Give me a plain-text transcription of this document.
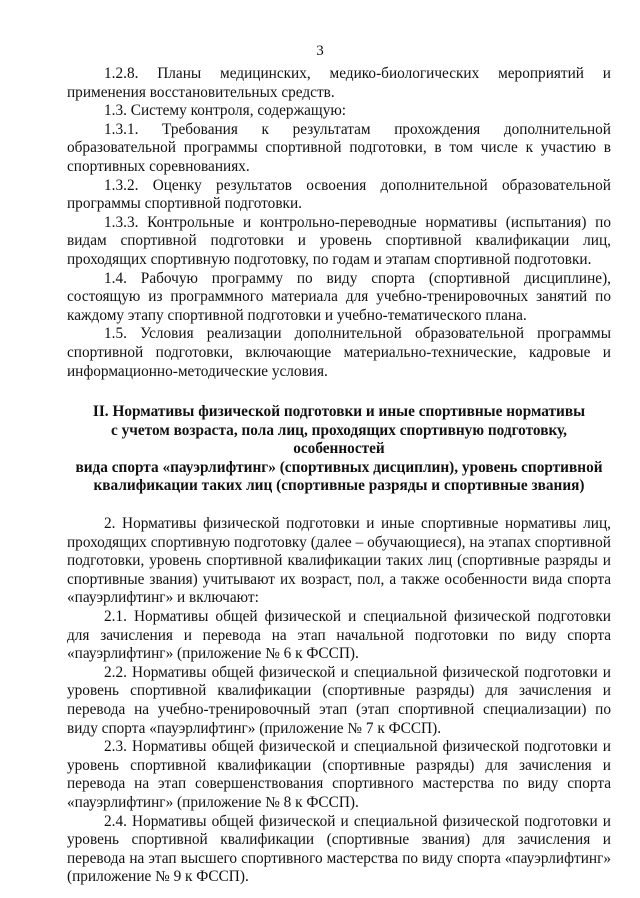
3

1.2.8. Планы медицинских, медико-биологических мероприятий и применения восстановительных средств.

1.3. Систему контроля, содержащую:

1.3.1. Требования к результатам прохождения дополнительной образовательной программы спортивной подготовки, в том числе к участию в спортивных соревнованиях.

1.3.2. Оценку результатов освоения дополнительной образовательной программы спортивной подготовки.

1.3.3. Контрольные и контрольно-переводные нормативы (испытания) по видам спортивной подготовки и уровень спортивной квалификации лиц, проходящих спортивную подготовку, по годам и этапам спортивной подготовки.

1.4. Рабочую программу по виду спорта (спортивной дисциплине), состоящую из программного материала для учебно-тренировочных занятий по каждому этапу спортивной подготовки и учебно-тематического плана.

1.5. Условия реализации дополнительной образовательной программы спортивной подготовки, включающие материально-технические, кадровые и информационно-методические условия.

II. Нормативы физической подготовки и иные спортивные нормативы
с учетом возраста, пола лиц, проходящих спортивную подготовку, особенностей
вида спорта «пауэрлифтинг» (спортивных дисциплин), уровень спортивной
квалификации таких лиц (спортивные разряды и спортивные звания)

2. Нормативы физической подготовки и иные спортивные нормативы лиц, проходящих спортивную подготовку (далее – обучающиеся), на этапах спортивной подготовки, уровень спортивной квалификации таких лиц (спортивные разряды и спортивные звания) учитывают их возраст, пол, а также особенности вида спорта «пауэрлифтинг» и включают:

2.1. Нормативы общей физической и специальной физической подготовки для зачисления и перевода на этап начальной подготовки по виду спорта «пауэрлифтинг» (приложение № 6 к ФССП).

2.2. Нормативы общей физической и специальной физической подготовки и уровень спортивной квалификации (спортивные разряды) для зачисления и перевода на учебно-тренировочный этап (этап спортивной специализации) по виду спорта «пауэрлифтинг» (приложение № 7 к ФССП).

2.3. Нормативы общей физической и специальной физической подготовки и уровень спортивной квалификации (спортивные разряды) для зачисления и перевода на этап совершенствования спортивного мастерства по виду спорта «пауэрлифтинг» (приложение № 8 к ФССП).

2.4. Нормативы общей физической и специальной физической подготовки и уровень спортивной квалификации (спортивные звания) для зачисления и перевода на этап высшего спортивного мастерства по виду спорта «пауэрлифтинг» (приложение № 9 к ФССП).
